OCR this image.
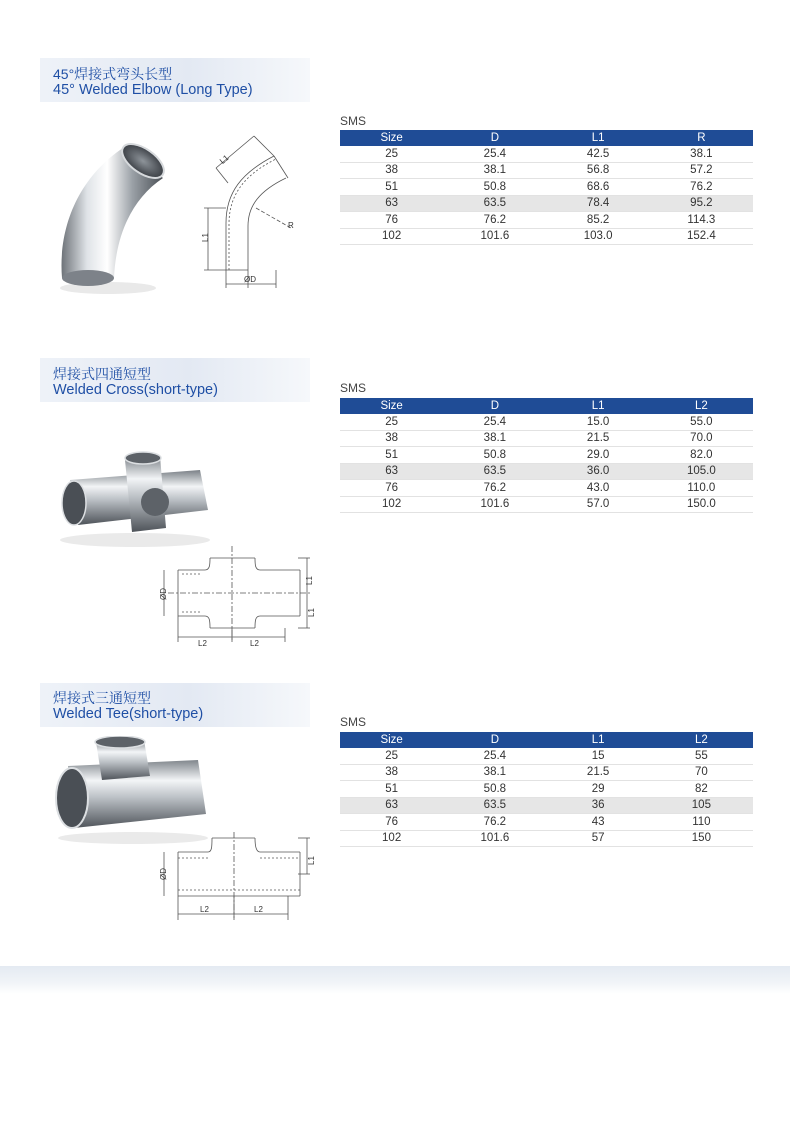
45°焊接式弯头长型
45° Welded Elbow (Long Type)
L1
L1
R
ØD
SMS
Size	D	L1	R
25	25.4	42.5	38.1
38	38.1	56.8	57.2
51	50.8	68.6	76.2
63	63.5	78.4	95.2
76	76.2	85.2	114.3
102	101.6	103.0	152.4
焊接式四通短型
Welded Cross(short-type)
ØD
L1
L1
L2	L2
SMS
Size	D	L1	L2
25	25.4	15.0	55.0
38	38.1	21.5	70.0
51	50.8	29.0	82.0
63	63.5	36.0	105.0
76	76.2	43.0	110.0
102	101.6	57.0	150.0
焊接式三通短型
Welded Tee(short-type)
ØD
L1
L2	L2
SMS
Size	D	L1	L2
25	25.4	15	55
38	38.1	21.5	70
51	50.8	29	82
63	63.5	36	105
76	76.2	43	110
102	101.6	57	150
